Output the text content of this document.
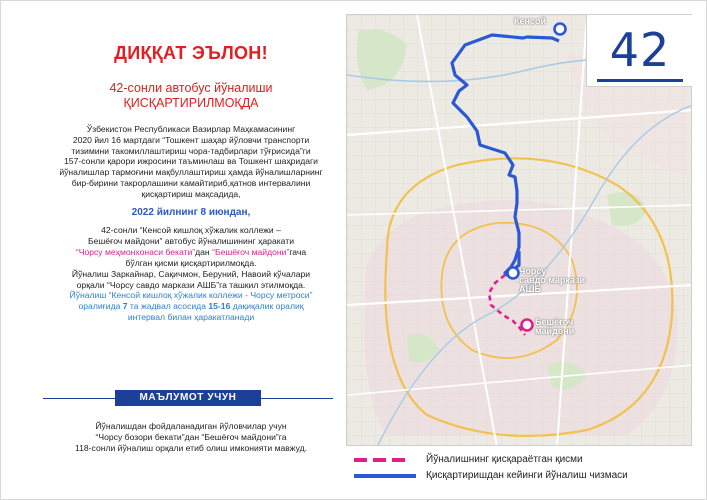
ДИҚҚАТ ЭЪЛОН!
42-сонли автобус йўналиши
ҚИСҚАРТИРИЛМОҚДА
Ўзбекистон Республикаси Вазирлар Маҳкамасининг
2020 йил 16 мартдаги “Тошкент шаҳар йўловчи транспорти
тизимини такомиллаштириш чора-тадбирлари тўғрисида”ги
157-сонли қарори ижросини таъминлаш ва Тошкент шаҳридаги
йўналишлар тармоғини мақбуллаштириш ҳамда йўналишларнинг
бир-бирини такрорлашини камайтириб,қатнов интервалини
қисқартириш мақсадида,
2022 йилнинг 8 июндан,
42-сонли “Кенсой кишлоқ хўжалик коллежи –
Бешёғоч майдони” автобус йўналишининг ҳаракати
“Чорсу меҳмонхонаси бекати”дан “Бешёғоч майдони”гача
бўлган қисми қисқартирилмоқда.
Йўналиш Заркайнар, Сақичмон, Беруний, Навоий кўчалари
орқали “Чорсу савдо маркази АШБ”га ташкил этилмоқда.
Йўналиш “Кенсой кишлоқ хўжалик коллежи - Чорсу метроси”
оралиғида 7 та жадвал асосида 15-16 дақиқалик оралиқ
интервал билан ҳаракатланади
МАЪЛУМОТ УЧУН
Йўналишдан фойдаланадиган йўловчилар учун
“Чорсу бозори бекати”дан “Бешёғоч майдони”га
118-сонли йўналиш орқали етиб олиш имконияти мавжуд.
42
Кенсой
Чорсу
савдо маркази
АШБ
Бешёғоч
майдони
Йўналишнинг қисқараётган қисми
Қисқартиришдан кейинги йўналиш чизмаси
